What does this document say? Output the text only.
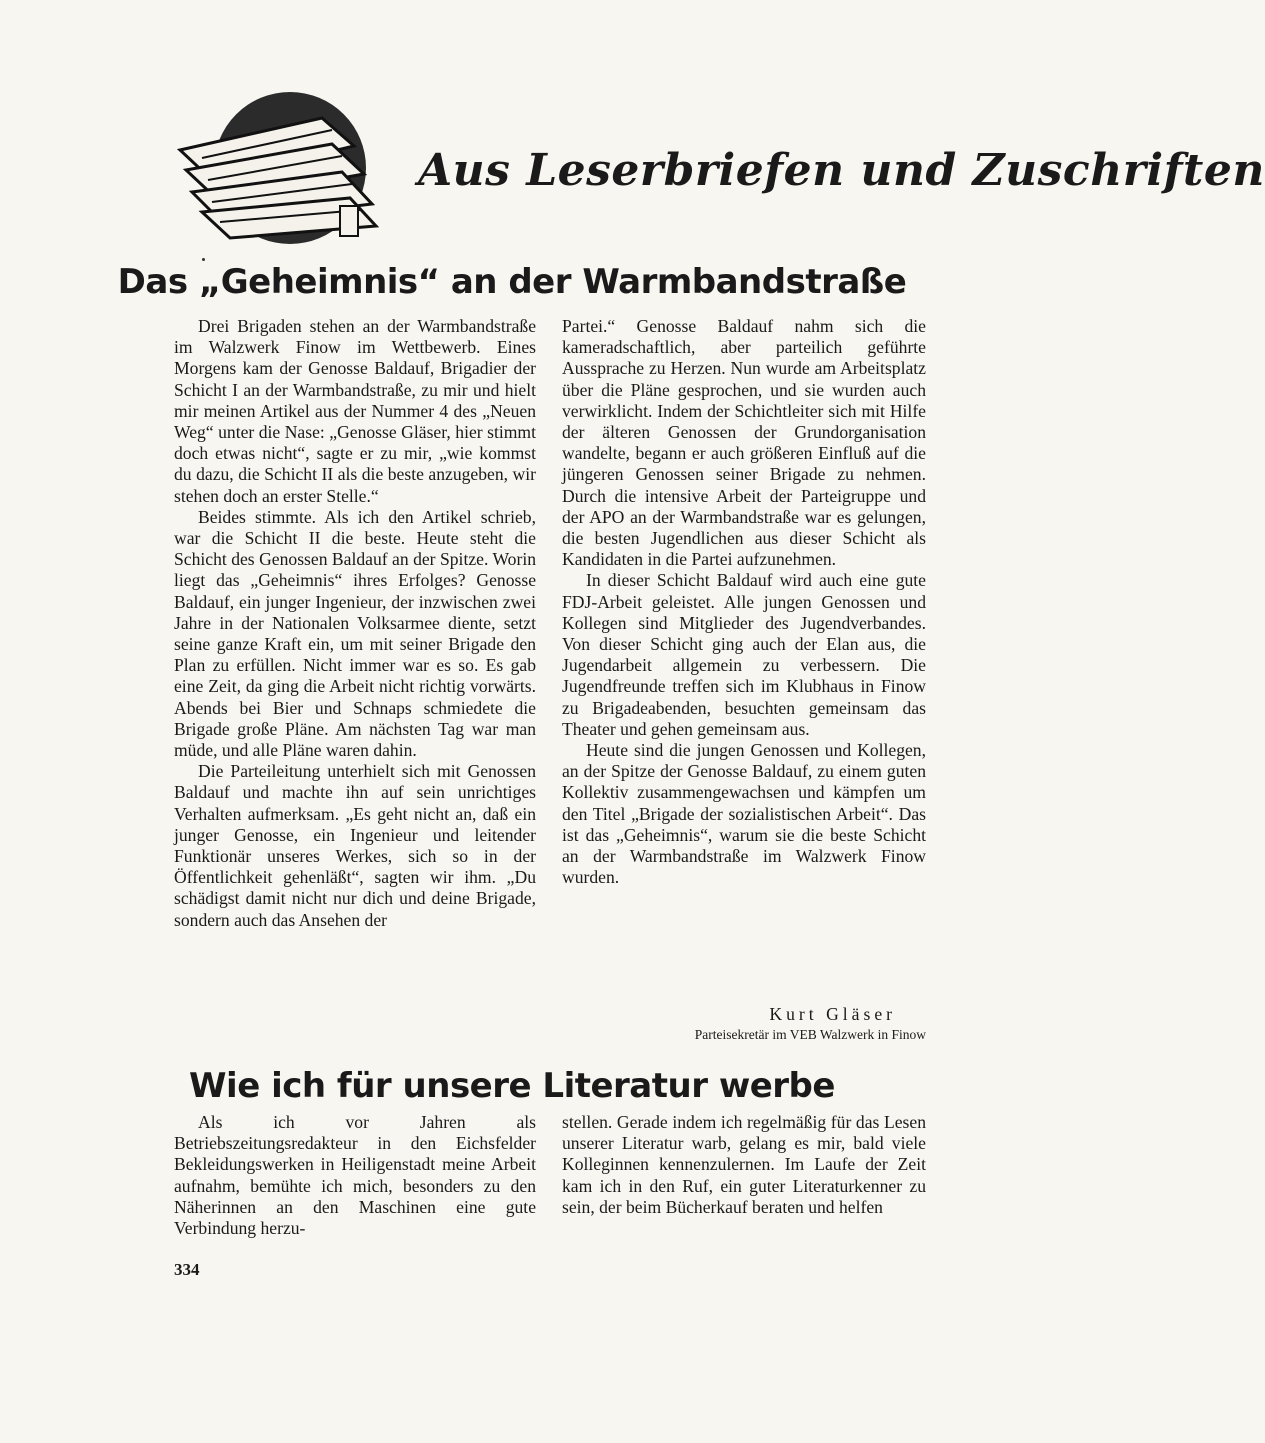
Aus Leserbriefen und Zuschriften
Das „Geheimnis“ an der Warmbandstraße

Drei Brigaden stehen an der Warmbandstraße im Walzwerk Finow im Wettbewerb. Eines Morgens kam der Genosse Baldauf, Brigadier der Schicht I an der Warmbandstraße, zu mir und hielt mir meinen Artikel aus der Nummer 4 des „Neuen Weg“ unter die Nase: „Genosse Gläser, hier stimmt doch etwas nicht“, sagte er zu mir, „wie kommst du dazu, die Schicht II als die beste anzugeben, wir stehen doch an erster Stelle.“

Beides stimmte. Als ich den Artikel schrieb, war die Schicht II die beste. Heute steht die Schicht des Genossen Baldauf an der Spitze. Worin liegt das „Geheimnis“ ihres Erfolges? Genosse Baldauf, ein junger Ingenieur, der inzwischen zwei Jahre in der Nationalen Volksarmee diente, setzt seine ganze Kraft ein, um mit seiner Brigade den Plan zu erfüllen. Nicht immer war es so. Es gab eine Zeit, da ging die Arbeit nicht richtig vorwärts. Abends bei Bier und Schnaps schmiedete die Brigade große Pläne. Am nächsten Tag war man müde, und alle Pläne waren dahin.

Die Parteileitung unterhielt sich mit Genossen Baldauf und machte ihn auf sein unrichtiges Verhalten aufmerksam. „Es geht nicht an, daß ein junger Genosse, ein Ingenieur und leitender Funktionär unseres Werkes, sich so in der Öffentlichkeit gehenläßt“, sagten wir ihm. „Du schädigst damit nicht nur dich und deine Brigade, sondern auch das Ansehen der

Partei.“ Genosse Baldauf nahm sich die kameradschaftlich, aber parteilich geführte Aussprache zu Herzen. Nun wurde am Arbeitsplatz über die Pläne gesprochen, und sie wurden auch verwirklicht. Indem der Schichtleiter sich mit Hilfe der älteren Genossen der Grundorganisation wandelte, begann er auch größeren Einfluß auf die jüngeren Genossen seiner Brigade zu nehmen. Durch die intensive Arbeit der Parteigruppe und der APO an der Warmbandstraße war es gelungen, die besten Jugendlichen aus dieser Schicht als Kandidaten in die Partei aufzunehmen.

In dieser Schicht Baldauf wird auch eine gute FDJ-Arbeit geleistet. Alle jungen Genossen und Kollegen sind Mitglieder des Jugendverbandes. Von dieser Schicht ging auch der Elan aus, die Jugendarbeit allgemein zu verbessern. Die Jugendfreunde treffen sich im Klubhaus in Finow zu Brigadeabenden, besuchten gemeinsam das Theater und gehen gemeinsam aus.

Heute sind die jungen Genossen und Kollegen, an der Spitze der Genosse Baldauf, zu einem guten Kollektiv zusammengewachsen und kämpfen um den Titel „Brigade der sozialistischen Arbeit“. Das ist das „Geheimnis“, warum sie die beste Schicht an der Warmbandstraße im Walzwerk Finow wurden.

Kurt Gläser
Parteisekretär im VEB Walzwerk in Finow
Wie ich für unsere Literatur werbe

Als ich vor Jahren als Betriebszeitungsredakteur in den Eichsfelder Bekleidungswerken in Heiligenstadt meine Arbeit aufnahm, bemühte ich mich, besonders zu den Näherinnen an den Maschinen eine gute Verbindung herzu-

stellen. Gerade indem ich regelmäßig für das Lesen unserer Literatur warb, gelang es mir, bald viele Kolleginnen kennenzulernen. Im Laufe der Zeit kam ich in den Ruf, ein guter Literaturkenner zu sein, der beim Bücherkauf beraten und helfen

334
